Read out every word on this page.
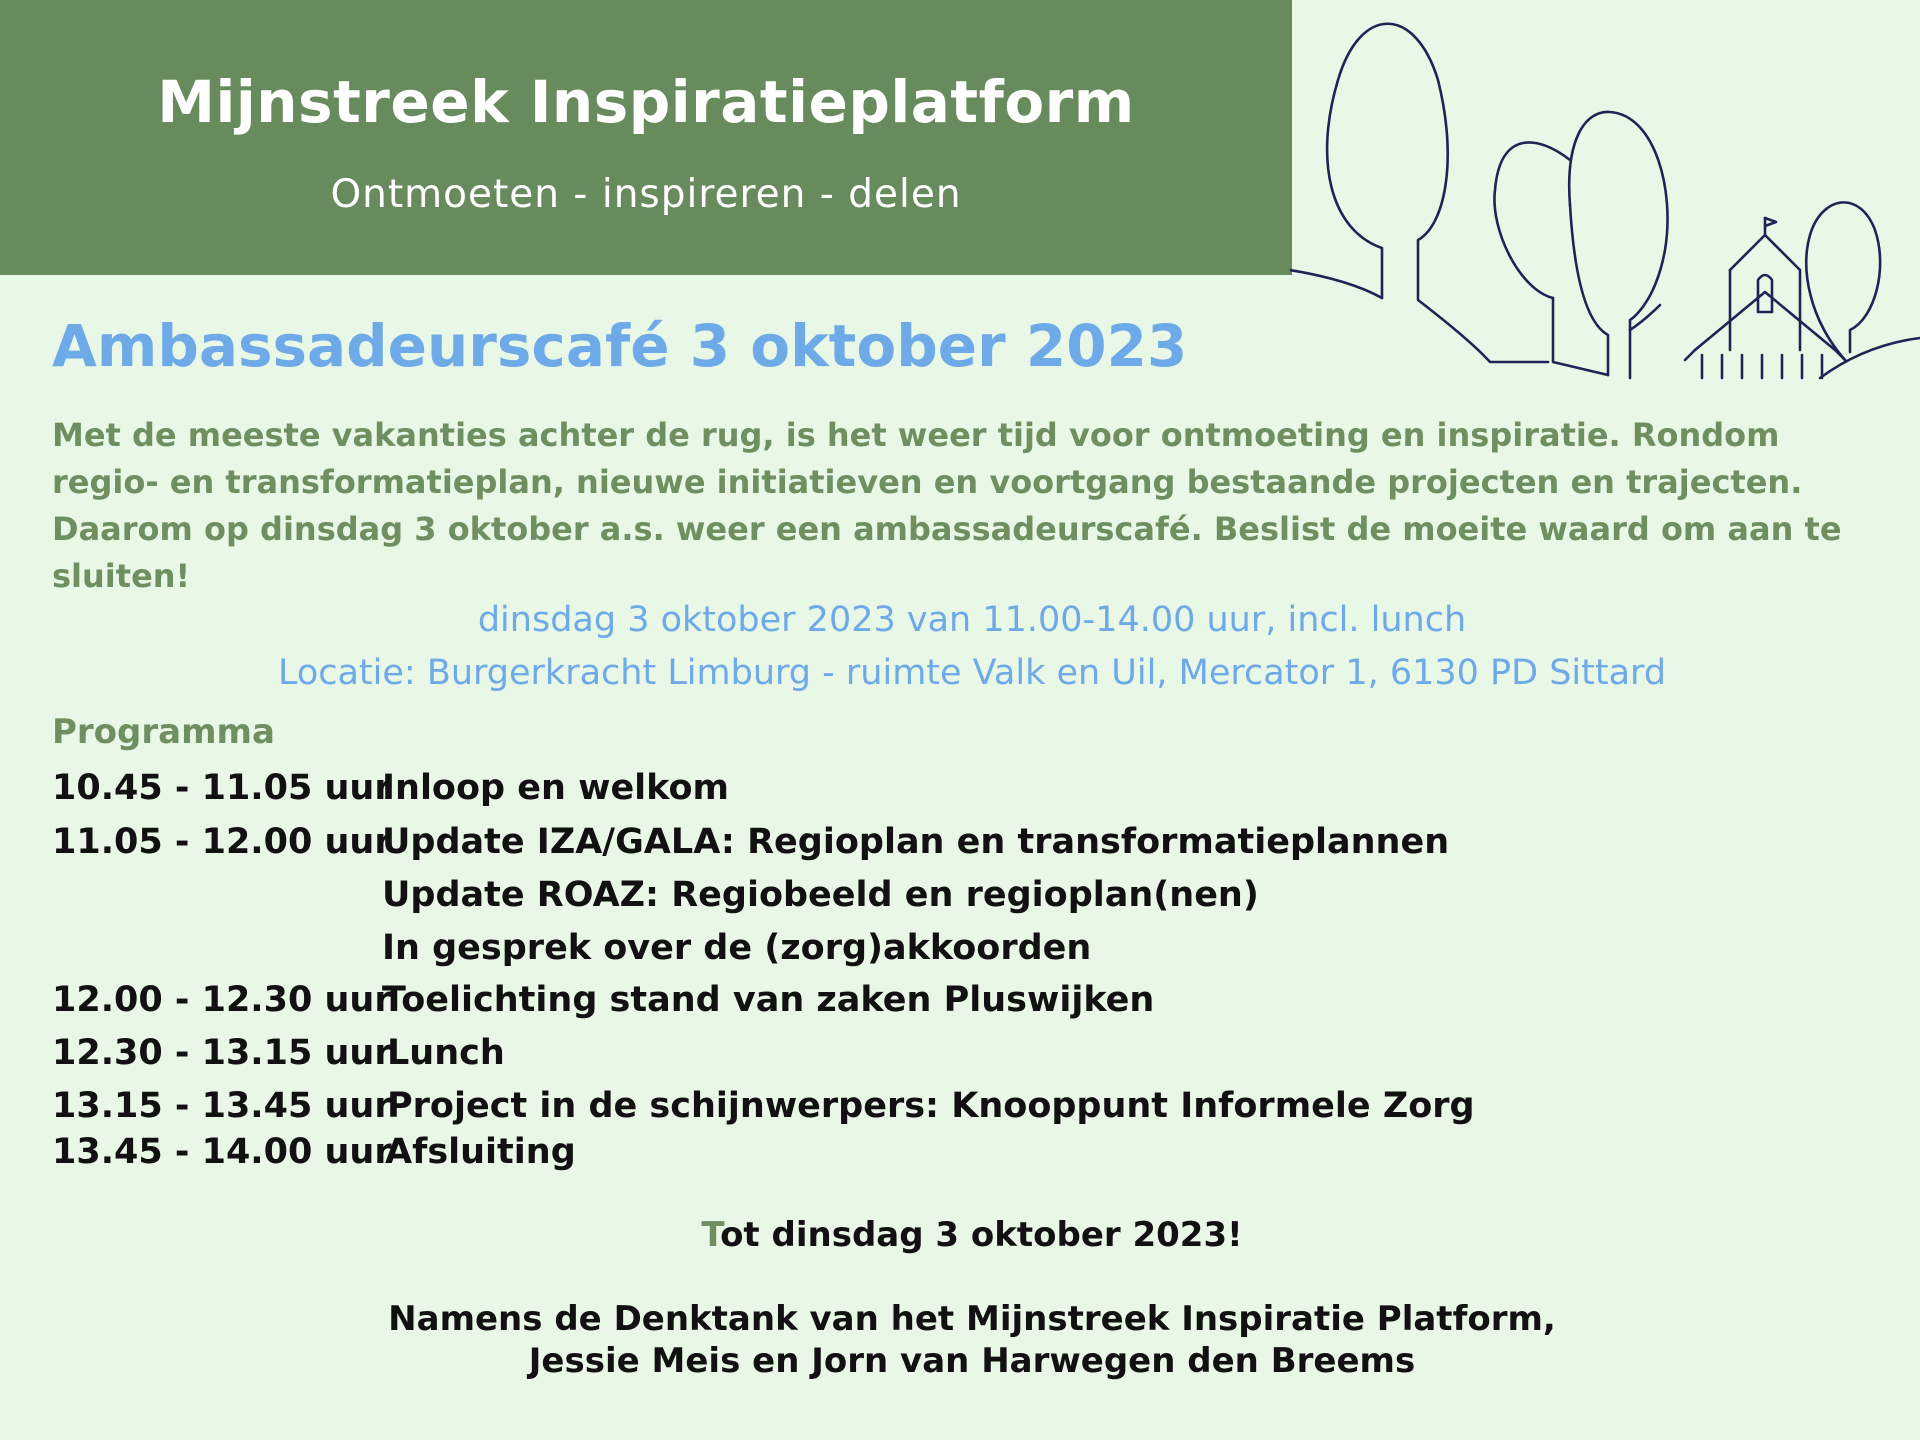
Mijnstreek Inspiratieplatform
Ontmoeten - inspireren - delen
Ambassadeurscafé 3 oktober 2023

Met de meeste vakanties achter de rug, is het weer tijd voor ontmoeting en inspiratie. Rondom regio- en transformatieplan, nieuwe initiatieven en voortgang bestaande projecten en trajecten.

Daarom op dinsdag 3 oktober a.s. weer een ambassadeurscafé. Beslist de moeite waard om aan te sluiten!

dinsdag 3 oktober 2023 van 11.00-14.00 uur, incl. lunch
Locatie: Burgerkracht Limburg - ruimte Valk en Uil, Mercator 1, 6130 PD Sittard
Programma
10.45 - 11.05 uur
Inloop en welkom
11.05 - 12.00 uur
Update IZA/GALA: Regioplan en transformatieplannen
Update ROAZ: Regiobeeld en regioplan(nen)
In gesprek over de (zorg)akkoorden
12.00 - 12.30 uur
Toelichting stand van zaken Pluswijken
12.30 - 13.15 uur
Lunch
13.15 - 13.45 uur
Project in de schijnwerpers: Knooppunt Informele Zorg
13.45 - 14.00 uur
Afsluiting
Tot dinsdag 3 oktober 2023!
Namens de Denktank van het Mijnstreek Inspiratie Platform,
Jessie Meis en Jorn van Harwegen den Breems
